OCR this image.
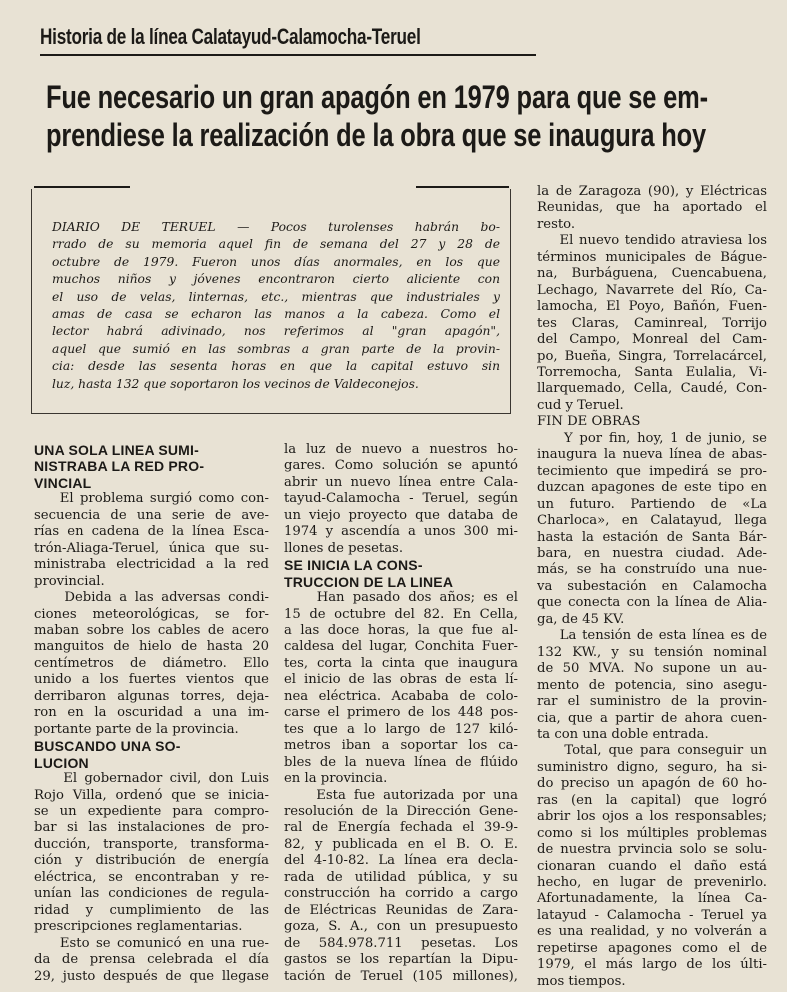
Historia de la línea Calatayud-Calamocha-Teruel
Fue necesario un gran apagón en 1979 para que se em-
prendiese la realización de la obra que se inaugura hoy
DIARIO DE TERUEL — Pocos turolenses habrán bo-
rrado de su memoria aquel fin de semana del 27 y 28 de
octubre de 1979. Fueron unos días anormales, en los que
muchos niños y jóvenes encontraron cierto aliciente con
el uso de velas, linternas, etc., mientras que industriales y
amas de casa se echaron las manos a la cabeza. Como el
lector habrá adivinado, nos referimos al "gran apagón",
aquel que sumió en las sombras a gran parte de la provin-
cia: desde las sesenta horas en que la capital estuvo sin
luz, hasta 132 que soportaron los vecinos de Valdeconejos.
UNA SOLA LINEA SUMI-
NISTRABA LA RED PRO-
VINCIAL
El problema surgió como con-
secuencia de una serie de ave-
rías en cadena de la línea Esca-
trón-Aliaga-Teruel, única que su-
ministraba electricidad a la red
provincial.
Debida a las adversas condi-
ciones meteorológicas, se for-
maban sobre los cables de acero
manguitos de hielo de hasta 20
centímetros de diámetro. Ello
unido a los fuertes vientos que
derribaron algunas torres, deja-
ron en la oscuridad a una im-
portante parte de la provincia.
BUSCANDO UNA SO-
LUCION
El gobernador civil, don Luis
Rojo Villa, ordenó que se inicia-
se un expediente para compro-
bar si las instalaciones de pro-
ducción, transporte, transforma-
ción y distribución de energía
eléctrica, se encontraban y re-
unían las condiciones de regula-
ridad y cumplimiento de las
prescripciones reglamentarias.
Esto se comunicó en una rue-
da de prensa celebrada el día
29, justo después de que llegase
la luz de nuevo a nuestros ho-
gares. Como solución se apuntó
abrir un nuevo línea entre Cala-
tayud-Calamocha - Teruel, según
un viejo proyecto que databa de
1974 y ascendía a unos 300 mi-
llones de pesetas.
SE INICIA LA CONS-
TRUCCION DE LA LINEA
Han pasado dos años; es el
15 de octubre del 82. En Cella,
a las doce horas, la que fue al-
caldesa del lugar, Conchita Fuer-
tes, corta la cinta que inaugura
el inicio de las obras de esta lí-
nea eléctrica. Acababa de colo-
carse el primero de los 448 pos-
tes que a lo largo de 127 kiló-
metros iban a soportar los ca-
bles de la nueva línea de flúido
en la provincia.
Esta fue autorizada por una
resolución de la Dirección Gene-
ral de Energía fechada el 39-9-
82, y publicada en el B. O. E.
del 4-10-82. La línea era decla-
rada de utilidad pública, y su
construcción ha corrido a cargo
de Eléctricas Reunidas de Zara-
goza, S. A., con un presupuesto
de 584.978.711 pesetas. Los
gastos se los repartían la Dipu-
tación de Teruel (105 millones),
la de Zaragoza (90), y Eléctricas
Reunidas, que ha aportado el
resto.
El nuevo tendido atraviesa los
términos municipales de Bágue-
na, Burbáguena, Cuencabuena,
Lechago, Navarrete del Río, Ca-
lamocha, El Poyo, Bañón, Fuen-
tes Claras, Caminreal, Torrijo
del Campo, Monreal del Cam-
po, Bueña, Singra, Torrelacárcel,
Torremocha, Santa Eulalia, Vi-
llarquemado, Cella, Caudé, Con-
cud y Teruel.
FIN DE OBRAS
Y por fin, hoy, 1 de junio, se
inaugura la nueva línea de abas-
tecimiento que impedirá se pro-
duzcan apagones de este tipo en
un futuro. Partiendo de «La
Charloca», en Calatayud, llega
hasta la estación de Santa Bár-
bara, en nuestra ciudad. Ade-
más, se ha construído una nue-
va subestación en Calamocha
que conecta con la línea de Alia-
ga, de 45 KV.
La tensión de esta línea es de
132 KW., y su tensión nominal
de 50 MVA. No supone un au-
mento de potencia, sino asegu-
rar el suministro de la provin-
cia, que a partir de ahora cuen-
ta con una doble entrada.
Total, que para conseguir un
suministro digno, seguro, ha si-
do preciso un apagón de 60 ho-
ras (en la capital) que logró
abrir los ojos a los responsables;
como si los múltiples problemas
de nuestra prvincia solo se solu-
cionaran cuando el daño está
hecho, en lugar de prevenirlo.
Afortunadamente, la línea Ca-
latayud - Calamocha - Teruel ya
es una realidad, y no volverán a
repetirse apagones como el de
1979, el más largo de los últi-
mos tiempos.
